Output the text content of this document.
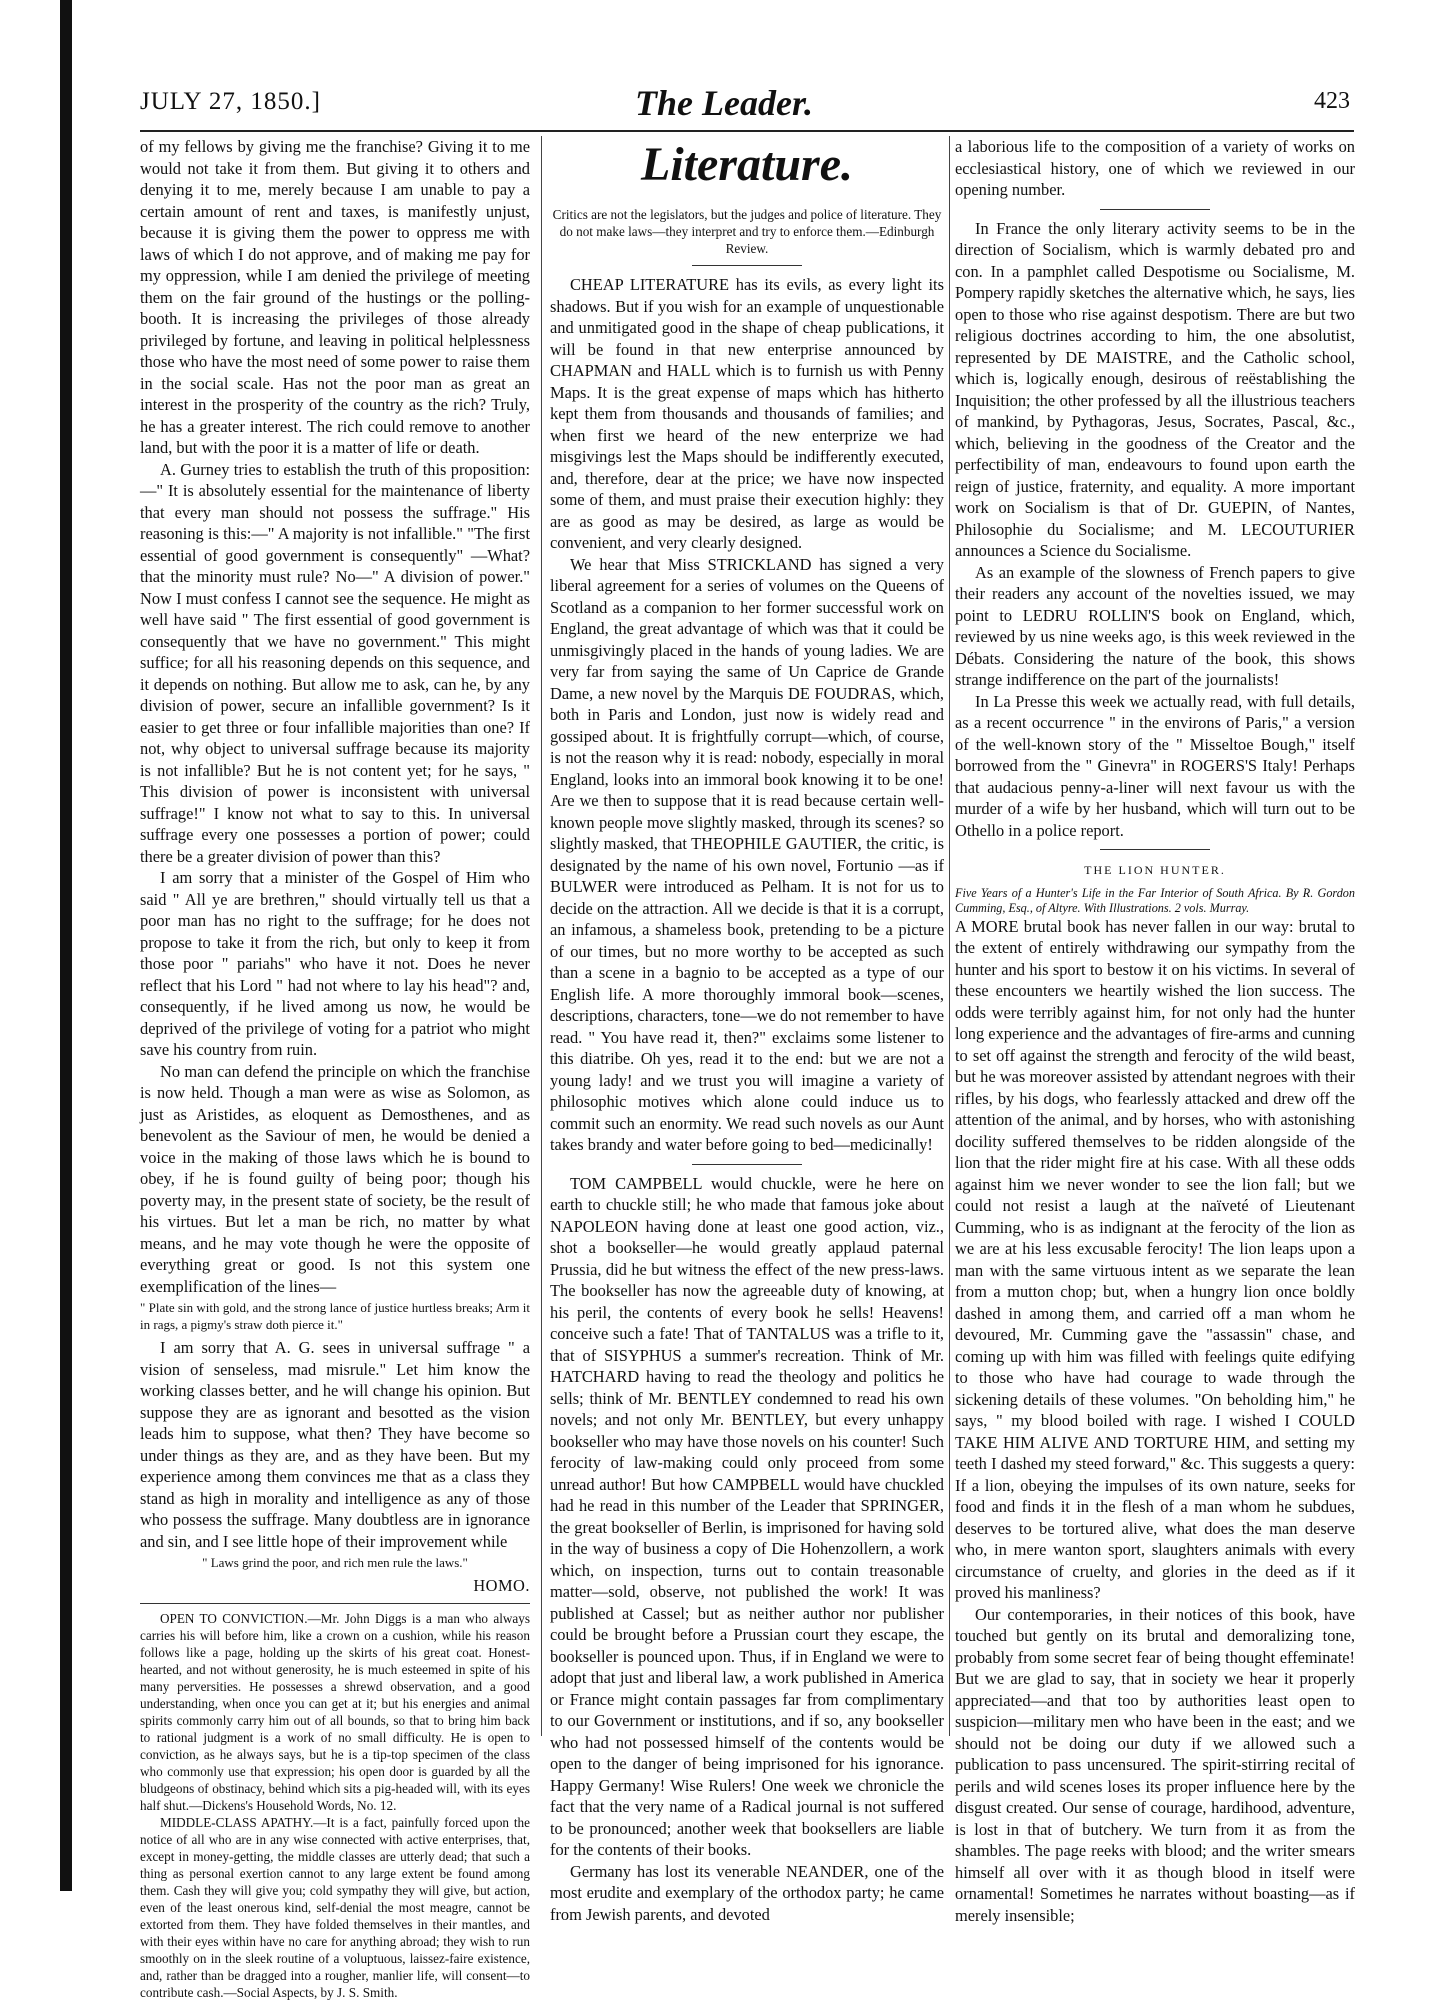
JULY 27, 1850.]	The Leader.	423

of my fellows by giving me the franchise? Giving it to me would not take it from them. But giving it to others and denying it to me, merely because I am unable to pay a certain amount of rent and taxes, is manifestly unjust, because it is giving them the power to oppress me with laws of which I do not approve, and of making me pay for my oppression, while I am denied the privilege of meeting them on the fair ground of the hustings or the polling-booth. It is increasing the privileges of those already privileged by fortune, and leaving in political helplessness those who have the most need of some power to raise them in the social scale. Has not the poor man as great an interest in the prosperity of the country as the rich? Truly, he has a greater interest. The rich could remove to another land, but with the poor it is a matter of life or death.

A. Gurney tries to establish the truth of this proposition:—" It is absolutely essential for the maintenance of liberty that every man should not possess the suffrage." His reasoning is this:—" A majority is not infallible." "The first essential of good government is consequently" —What? that the minority must rule? No—" A division of power." Now I must confess I cannot see the sequence. He might as well have said " The first essential of good government is consequently that we have no government." This might suffice; for all his reasoning depends on this sequence, and it depends on nothing. But allow me to ask, can he, by any division of power, secure an infallible government? Is it easier to get three or four infallible majorities than one? If not, why object to universal suffrage because its majority is not infallible? But he is not content yet; for he says, " This division of power is inconsistent with universal suffrage!" I know not what to say to this. In universal suffrage every one possesses a portion of power; could there be a greater division of power than this?

I am sorry that a minister of the Gospel of Him who said " All ye are brethren," should virtually tell us that a poor man has no right to the suffrage; for he does not propose to take it from the rich, but only to keep it from those poor " pariahs" who have it not. Does he never reflect that his Lord " had not where to lay his head"? and, consequently, if he lived among us now, he would be deprived of the privilege of voting for a patriot who might save his country from ruin.

No man can defend the principle on which the franchise is now held. Though a man were as wise as Solomon, as just as Aristides, as eloquent as Demosthenes, and as benevolent as the Saviour of men, he would be denied a voice in the making of those laws which he is bound to obey, if he is found guilty of being poor; though his poverty may, in the present state of society, be the result of his virtues. But let a man be rich, no matter by what means, and he may vote though he were the opposite of everything great or good. Is not this system one exemplification of the lines—

" Plate sin with gold, and the strong lance of justice hurtless breaks; Arm it in rags, a pigmy's straw doth pierce it."

I am sorry that A. G. sees in universal suffrage " a vision of senseless, mad misrule." Let him know the working classes better, and he will change his opinion. But suppose they are as ignorant and besotted as the vision leads him to suppose, what then? They have become so under things as they are, and as they have been. But my experience among them convinces me that as a class they stand as high in morality and intelligence as any of those who possess the suffrage. Many doubtless are in ignorance and sin, and I see little hope of their improvement while

" Laws grind the poor, and rich men rule the laws."

HOMO.

OPEN TO CONVICTION.—Mr. John Diggs is a man who always carries his will before him, like a crown on a cushion, while his reason follows like a page, holding up the skirts of his great coat. Honest-hearted, and not without generosity, he is much esteemed in spite of his many perversities. He possesses a shrewd observation, and a good understanding, when once you can get at it; but his energies and animal spirits commonly carry him out of all bounds, so that to bring him back to rational judgment is a work of no small difficulty. He is open to conviction, as he always says, but he is a tip-top specimen of the class who commonly use that expression; his open door is guarded by all the bludgeons of obstinacy, behind which sits a pig-headed will, with its eyes half shut.—Dickens's Household Words, No. 12.

MIDDLE-CLASS APATHY.—It is a fact, painfully forced upon the notice of all who are in any wise connected with active enterprises, that, except in money-getting, the middle classes are utterly dead; that such a thing as personal exertion cannot to any large extent be found among them. Cash they will give you; cold sympathy they will give, but action, even of the least onerous kind, self-denial the most meagre, cannot be extorted from them. They have folded themselves in their mantles, and with their eyes within have no care for anything abroad; they wish to run smoothly on in the sleek routine of a voluptuous, laissez-faire existence, and, rather than be dragged into a rougher, manlier life, will consent—to contribute cash.—Social Aspects, by J. S. Smith.

Literature.

Critics are not the legislators, but the judges and police of literature. They do not make laws—they interpret and try to enforce them.—Edinburgh Review.

CHEAP LITERATURE has its evils, as every light its shadows. But if you wish for an example of unquestionable and unmitigated good in the shape of cheap publications, it will be found in that new enterprise announced by CHAPMAN and HALL which is to furnish us with Penny Maps. It is the great expense of maps which has hitherto kept them from thousands and thousands of families; and when first we heard of the new enterprize we had misgivings lest the Maps should be indifferently executed, and, therefore, dear at the price; we have now inspected some of them, and must praise their execution highly: they are as good as may be desired, as large as would be convenient, and very clearly designed.

We hear that Miss STRICKLAND has signed a very liberal agreement for a series of volumes on the Queens of Scotland as a companion to her former successful work on England, the great advantage of which was that it could be unmisgivingly placed in the hands of young ladies. We are very far from saying the same of Un Caprice de Grande Dame, a new novel by the Marquis DE FOUDRAS, which, both in Paris and London, just now is widely read and gossiped about. It is frightfully corrupt—which, of course, is not the reason why it is read: nobody, especially in moral England, looks into an immoral book knowing it to be one! Are we then to suppose that it is read because certain well-known people move slightly masked, through its scenes? so slightly masked, that THEOPHILE GAUTIER, the critic, is designated by the name of his own novel, Fortunio —as if BULWER were introduced as Pelham. It is not for us to decide on the attraction. All we decide is that it is a corrupt, an infamous, a shameless book, pretending to be a picture of our times, but no more worthy to be accepted as such than a scene in a bagnio to be accepted as a type of our English life. A more thoroughly immoral book—scenes, descriptions, characters, tone—we do not remember to have read. " You have read it, then?" exclaims some listener to this diatribe. Oh yes, read it to the end: but we are not a young lady! and we trust you will imagine a variety of philosophic motives which alone could induce us to commit such an enormity. We read such novels as our Aunt takes brandy and water before going to bed—medicinally!

TOM CAMPBELL would chuckle, were he here on earth to chuckle still; he who made that famous joke about NAPOLEON having done at least one good action, viz., shot a bookseller—he would greatly applaud paternal Prussia, did he but witness the effect of the new press-laws. The bookseller has now the agreeable duty of knowing, at his peril, the contents of every book he sells! Heavens! conceive such a fate! That of TANTALUS was a trifle to it, that of SISYPHUS a summer's recreation. Think of Mr. HATCHARD having to read the theology and politics he sells; think of Mr. BENTLEY condemned to read his own novels; and not only Mr. BENTLEY, but every unhappy bookseller who may have those novels on his counter! Such ferocity of law-making could only proceed from some unread author! But how CAMPBELL would have chuckled had he read in this number of the Leader that SPRINGER, the great bookseller of Berlin, is imprisoned for having sold in the way of business a copy of Die Hohenzollern, a work which, on inspection, turns out to contain treasonable matter—sold, observe, not published the work! It was published at Cassel; but as neither author nor publisher could be brought before a Prussian court they escape, the bookseller is pounced upon. Thus, if in England we were to adopt that just and liberal law, a work published in America or France might contain passages far from complimentary to our Government or institutions, and if so, any bookseller who had not possessed himself of the contents would be open to the danger of being imprisoned for his ignorance. Happy Germany! Wise Rulers! One week we chronicle the fact that the very name of a Radical journal is not suffered to be pronounced; another week that booksellers are liable for the contents of their books.

Germany has lost its venerable NEANDER, one of the most erudite and exemplary of the orthodox party; he came from Jewish parents, and devoted

a laborious life to the composition of a variety of works on ecclesiastical history, one of which we reviewed in our opening number.

In France the only literary activity seems to be in the direction of Socialism, which is warmly debated pro and con. In a pamphlet called Despotisme ou Socialisme, M. Pompery rapidly sketches the alternative which, he says, lies open to those who rise against despotism. There are but two religious doctrines according to him, the one absolutist, represented by DE MAISTRE, and the Catholic school, which is, logically enough, desirous of reëstablishing the Inquisition; the other professed by all the illustrious teachers of mankind, by Pythagoras, Jesus, Socrates, Pascal, &c., which, believing in the goodness of the Creator and the perfectibility of man, endeavours to found upon earth the reign of justice, fraternity, and equality. A more important work on Socialism is that of Dr. GUEPIN, of Nantes, Philosophie du Socialisme; and M. LECOUTURIER announces a Science du Socialisme.

As an example of the slowness of French papers to give their readers any account of the novelties issued, we may point to LEDRU ROLLIN'S book on England, which, reviewed by us nine weeks ago, is this week reviewed in the Débats. Considering the nature of the book, this shows strange indifference on the part of the journalists!

In La Presse this week we actually read, with full details, as a recent occurrence " in the environs of Paris," a version of the well-known story of the " Misseltoe Bough," itself borrowed from the " Ginevra" in ROGERS'S Italy! Perhaps that audacious penny-a-liner will next favour us with the murder of a wife by her husband, which will turn out to be Othello in a police report.

THE LION HUNTER.

Five Years of a Hunter's Life in the Far Interior of South Africa. By R. Gordon Cumming, Esq., of Altyre. With Illustrations. 2 vols. Murray.

A MORE brutal book has never fallen in our way: brutal to the extent of entirely withdrawing our sympathy from the hunter and his sport to bestow it on his victims. In several of these encounters we heartily wished the lion success. The odds were terribly against him, for not only had the hunter long experience and the advantages of fire-arms and cunning to set off against the strength and ferocity of the wild beast, but he was moreover assisted by attendant negroes with their rifles, by his dogs, who fearlessly attacked and drew off the attention of the animal, and by horses, who with astonishing docility suffered themselves to be ridden alongside of the lion that the rider might fire at his case. With all these odds against him we never wonder to see the lion fall; but we could not resist a laugh at the naïveté of Lieutenant Cumming, who is as indignant at the ferocity of the lion as we are at his less excusable ferocity! The lion leaps upon a man with the same virtuous intent as we separate the lean from a mutton chop; but, when a hungry lion once boldly dashed in among them, and carried off a man whom he devoured, Mr. Cumming gave the "assassin" chase, and coming up with him was filled with feelings quite edifying to those who have had courage to wade through the sickening details of these volumes. "On beholding him," he says, " my blood boiled with rage. I wished I COULD TAKE HIM ALIVE AND TORTURE HIM, and setting my teeth I dashed my steed forward," &c. This suggests a query: If a lion, obeying the impulses of its own nature, seeks for food and finds it in the flesh of a man whom he subdues, deserves to be tortured alive, what does the man deserve who, in mere wanton sport, slaughters animals with every circumstance of cruelty, and glories in the deed as if it proved his manliness?

Our contemporaries, in their notices of this book, have touched but gently on its brutal and demoralizing tone, probably from some secret fear of being thought effeminate! But we are glad to say, that in society we hear it properly appreciated—and that too by authorities least open to suspicion—military men who have been in the east; and we should not be doing our duty if we allowed such a publication to pass uncensured. The spirit-stirring recital of perils and wild scenes loses its proper influence here by the disgust created. Our sense of courage, hardihood, adventure, is lost in that of butchery. We turn from it as from the shambles. The page reeks with blood; and the writer smears himself all over with it as though blood in itself were ornamental! Sometimes he narrates without boasting—as if merely insensible;
